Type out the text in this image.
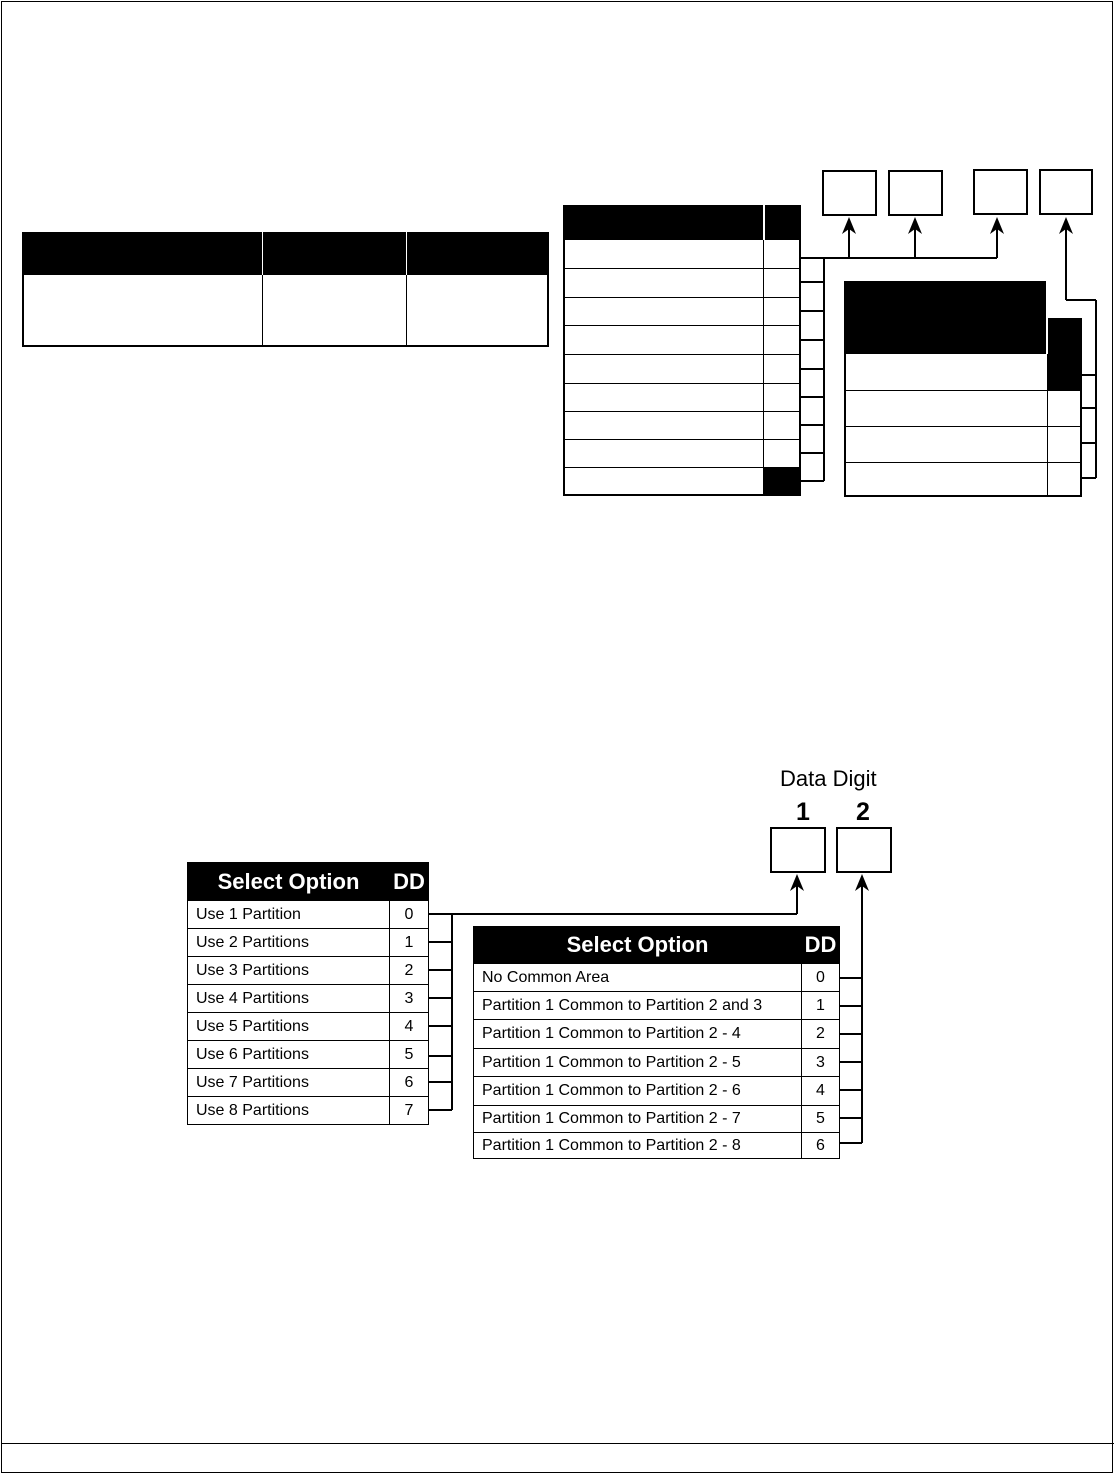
Data Digit
1 2
Select Option	DD
Use 1 Partition	0
Use 2 Partitions	1
Use 3 Partitions	2
Use 4 Partitions	3
Use 5 Partitions	4
Use 6 Partitions	5
Use 7 Partitions	6
Use 8 Partitions	7
Select Option	DD
No Common Area	0
Partition 1 Common to Partition 2 and 3	1
Partition 1 Common to Partition 2 - 4	2
Partition 1 Common to Partition 2 - 5	3
Partition 1 Common to Partition 2 - 6	4
Partition 1 Common to Partition 2 - 7	5
Partition 1 Common to Partition 2 - 8	6
